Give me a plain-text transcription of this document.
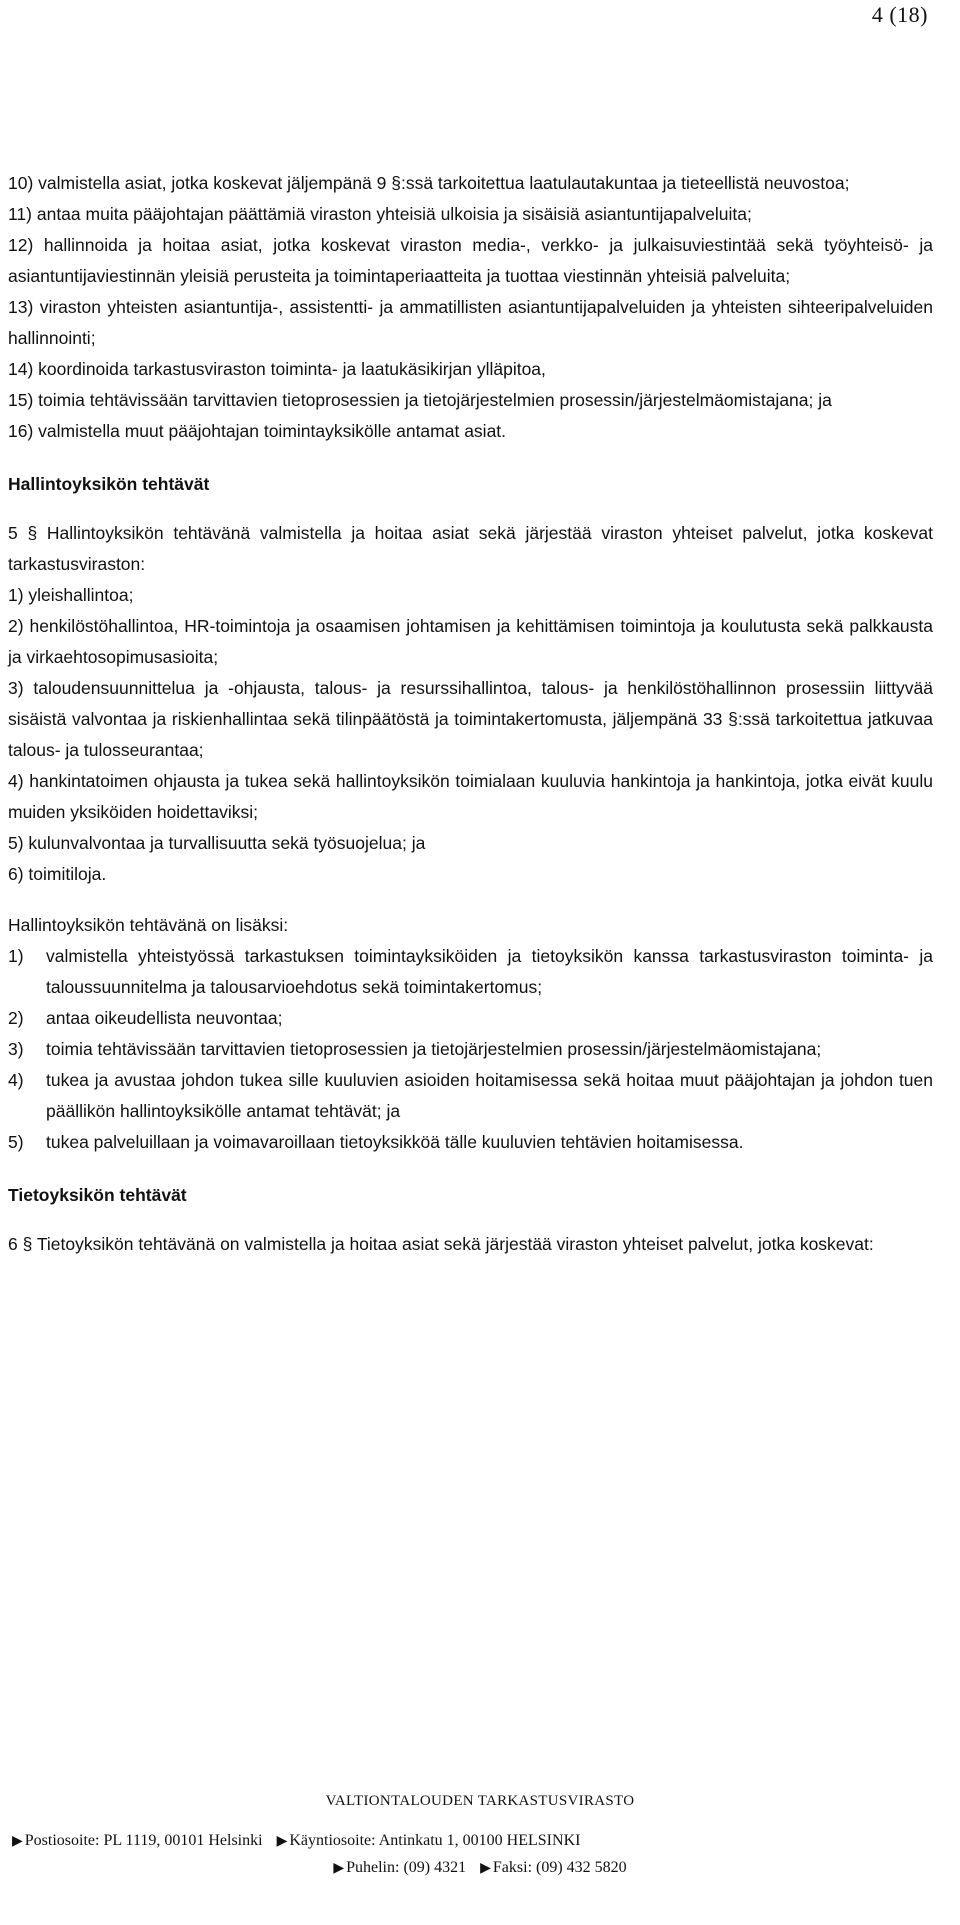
4 (18)

10) valmistella asiat, jotka koskevat jäljempänä 9 §:ssä tarkoitettua laatulautakuntaa ja tieteellistä neuvostoa;

11) antaa muita pääjohtajan päättämiä viraston yhteisiä ulkoisia ja sisäisiä asiantuntijapalveluita;

12) hallinnoida ja hoitaa asiat, jotka koskevat viraston media-, verkko- ja julkaisuviestintää sekä työyhteisö- ja asiantuntijaviestinnän yleisiä perusteita ja toimintaperiaatteita ja tuottaa viestinnän yhteisiä palveluita;

13) viraston yhteisten asiantuntija-, assistentti- ja ammatillisten asiantuntijapalveluiden ja yhteisten sihteeripalveluiden hallinnointi;

14) koordinoida tarkastusviraston toiminta- ja laatukäsikirjan ylläpitoa,

15) toimia tehtävissään tarvittavien tietoprosessien ja tietojärjestelmien prosessin/järjestelmäomistajana; ja

16) valmistella muut pääjohtajan toimintayksikölle antamat asiat.

Hallintoyksikön tehtävät

5 § Hallintoyksikön tehtävänä valmistella ja hoitaa asiat sekä järjestää viraston yhteiset palvelut, jotka koskevat tarkastusviraston:

1) yleishallintoa;

2) henkilöstöhallintoa, HR-toimintoja ja osaamisen johtamisen ja kehittämisen toimintoja ja koulutusta sekä palkkausta ja virkaehtosopimusasioita;

3) taloudensuunnittelua ja -ohjausta, talous- ja resurssihallintoa, talous- ja henkilöstöhallinnon prosessiin liittyvää sisäistä valvontaa ja riskienhallintaa sekä tilinpäätöstä ja toimintakertomusta, jäljempänä 33 §:ssä tarkoitettua jatkuvaa talous- ja tulosseurantaa;

4) hankintatoimen ohjausta ja tukea sekä hallintoyksikön toimialaan kuuluvia hankintoja ja hankintoja, jotka eivät kuulu muiden yksiköiden hoidettaviksi;

5) kulunvalvontaa ja turvallisuutta sekä työsuojelua; ja

6) toimitiloja.

Hallintoyksikön tehtävänä on lisäksi:

1) valmistella yhteistyössä tarkastuksen toimintayksiköiden ja tietoyksikön kanssa tarkastusviraston toiminta- ja taloussuunnitelma ja talousarvioehdotus sekä toimintakertomus;
2) antaa oikeudellista neuvontaa;
3) toimia tehtävissään tarvittavien tietoprosessien ja tietojärjestelmien prosessin/järjestelmäomistajana;
4) tukea ja avustaa johdon tukea sille kuuluvien asioiden hoitamisessa sekä hoitaa muut pääjohtajan ja johdon tuen päällikön hallintoyksikölle antamat tehtävät; ja
5) tukea palveluillaan ja voimavaroillaan tietoyksikköä tälle kuuluvien tehtävien hoitamisessa.
Tietoyksikön tehtävät

6 § Tietoyksikön tehtävänä on valmistella ja hoitaa asiat sekä järjestää viraston yhteiset palvelut, jotka koskevat:

VALTIONTALOUDEN TARKASTUSVIRASTO
▶ Postiosoite: PL 1119, 00101 Helsinki ▶ Käyntiosoite: Antinkatu 1, 00100 HELSINKI
▶ Puhelin: (09) 4321 ▶ Faksi: (09) 432 5820
